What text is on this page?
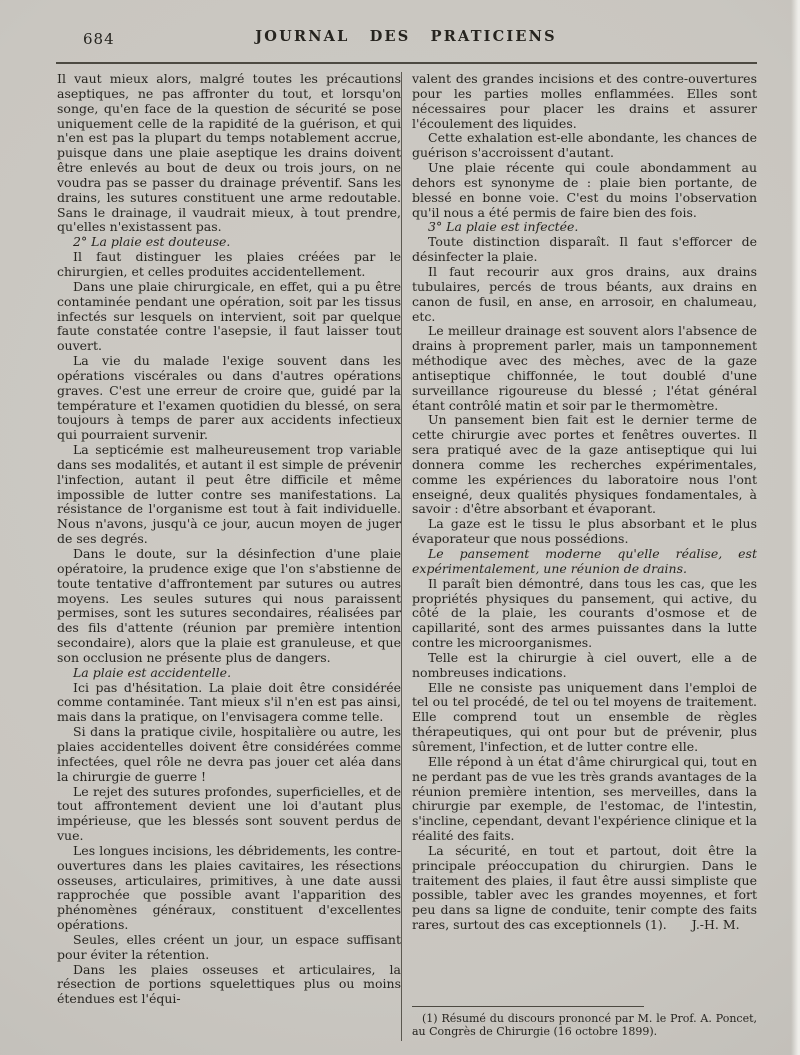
684	JOURNAL DES PRATICIENS

Il vaut mieux alors, malgré toutes les précautions aseptiques, ne pas affronter du tout, et lorsqu'on songe, qu'en face de la question de sécurité se pose uniquement celle de la rapidité de la guérison, et qui n'en est pas la plupart du temps notablement accrue, puisque dans une plaie aseptique les drains doivent être enlevés au bout de deux ou trois jours, on ne voudra pas se passer du drainage préventif. Sans les drains, les sutures constituent une arme redoutable. Sans le drainage, il vaudrait mieux, à tout prendre, qu'elles n'existassent pas.

2° La plaie est douteuse.

Il faut distinguer les plaies créées par le chirurgien, et celles produites accidentellement.

Dans une plaie chirurgicale, en effet, qui a pu être contaminée pendant une opération, soit par les tissus infectés sur lesquels on intervient, soit par quelque faute constatée contre l'asepsie, il faut laisser tout ouvert.

La vie du malade l'exige souvent dans les opérations viscérales ou dans d'autres opérations graves. C'est une erreur de croire que, guidé par la température et l'examen quotidien du blessé, on sera toujours à temps de parer aux accidents infectieux qui pourraient survenir.

La septicémie est malheureusement trop variable dans ses modalités, et autant il est simple de prévenir l'infection, autant il peut être difficile et même impossible de lutter contre ses manifestations. La résistance de l'organisme est tout à fait individuelle. Nous n'avons, jusqu'à ce jour, aucun moyen de juger de ses degrés.

Dans le doute, sur la désinfection d'une plaie opératoire, la prudence exige que l'on s'abstienne de toute tentative d'affrontement par sutures ou autres moyens. Les seules sutures qui nous paraissent permises, sont les sutures secondaires, réalisées par des fils d'attente (réunion par première intention secondaire), alors que la plaie est granuleuse, et que son occlusion ne présente plus de dangers.

La plaie est accidentelle.

Ici pas d'hésitation. La plaie doit être considérée comme contaminée. Tant mieux s'il n'en est pas ainsi, mais dans la pratique, on l'envisagera comme telle.

Si dans la pratique civile, hospitalière ou autre, les plaies accidentelles doivent être considérées comme infectées, quel rôle ne devra pas jouer cet aléa dans la chirurgie de guerre !

Le rejet des sutures profondes, superficielles, et de tout affrontement devient une loi d'autant plus impérieuse, que les blessés sont souvent perdus de vue.

Les longues incisions, les débridements, les contre-ouvertures dans les plaies cavitaires, les résections osseuses, articulaires, primitives, à une date aussi rapprochée que possible avant l'apparition des phénomènes généraux, constituent d'excellentes opérations.

Seules, elles créent un jour, un espace suffisant pour éviter la rétention.

Dans les plaies osseuses et articulaires, la résection de portions squelettiques plus ou moins étendues est l'équi-

valent des grandes incisions et des contre-ouvertures pour les parties molles enflammées. Elles sont nécessaires pour placer les drains et assurer l'écoulement des liquides.

Cette exhalation est-elle abondante, les chances de guérison s'accroissent d'autant.

Une plaie récente qui coule abondamment au dehors est synonyme de : plaie bien portante, de blessé en bonne voie. C'est du moins l'observation qu'il nous a été permis de faire bien des fois.

3° La plaie est infectée.

Toute distinction disparaît. Il faut s'efforcer de désinfecter la plaie.

Il faut recourir aux gros drains, aux drains tubulaires, percés de trous béants, aux drains en canon de fusil, en anse, en arrosoir, en chalumeau, etc.

Le meilleur drainage est souvent alors l'absence de drains à proprement parler, mais un tamponnement méthodique avec des mèches, avec de la gaze antiseptique chiffonnée, le tout doublé d'une surveillance rigoureuse du blessé ; l'état général étant contrôlé matin et soir par le thermomètre.

Un pansement bien fait est le dernier terme de cette chirurgie avec portes et fenêtres ouvertes. Il sera pratiqué avec de la gaze antiseptique qui lui donnera comme les recherches expérimentales, comme les expériences du laboratoire nous l'ont enseigné, deux qualités physiques fondamentales, à savoir : d'être absorbant et évaporant.

La gaze est le tissu le plus absorbant et le plus évaporateur que nous possédions.

Le pansement moderne qu'elle réalise, est expérimentalement, une réunion de drains.

Il paraît bien démontré, dans tous les cas, que les propriétés physiques du pansement, qui active, du côté de la plaie, les courants d'osmose et de capillarité, sont des armes puissantes dans la lutte contre les microorganismes.

Telle est la chirurgie à ciel ouvert, elle a de nombreuses indications.

Elle ne consiste pas uniquement dans l'emploi de tel ou tel procédé, de tel ou tel moyens de traitement. Elle comprend tout un ensemble de règles thérapeutiques, qui ont pour but de prévenir, plus sûrement, l'infection, et de lutter contre elle.

Elle répond à un état d'âme chirurgical qui, tout en ne perdant pas de vue les très grands avantages de la réunion première intention, ses merveilles, dans la chirurgie par exemple, de l'estomac, de l'intestin, s'incline, cependant, devant l'expérience clinique et la réalité des faits.

La sécurité, en tout et partout, doit être la principale préoccupation du chirurgien. Dans le traitement des plaies, il faut être aussi simpliste que possible, tabler avec les grandes moyennes, et fort peu dans sa ligne de conduite, tenir compte des faits rares, surtout des cas exceptionnels (1).  J.-H. M.

(1) Résumé du discours prononcé par M. le Prof. A. Poncet, au Congrès de Chirurgie (16 octobre 1899).
